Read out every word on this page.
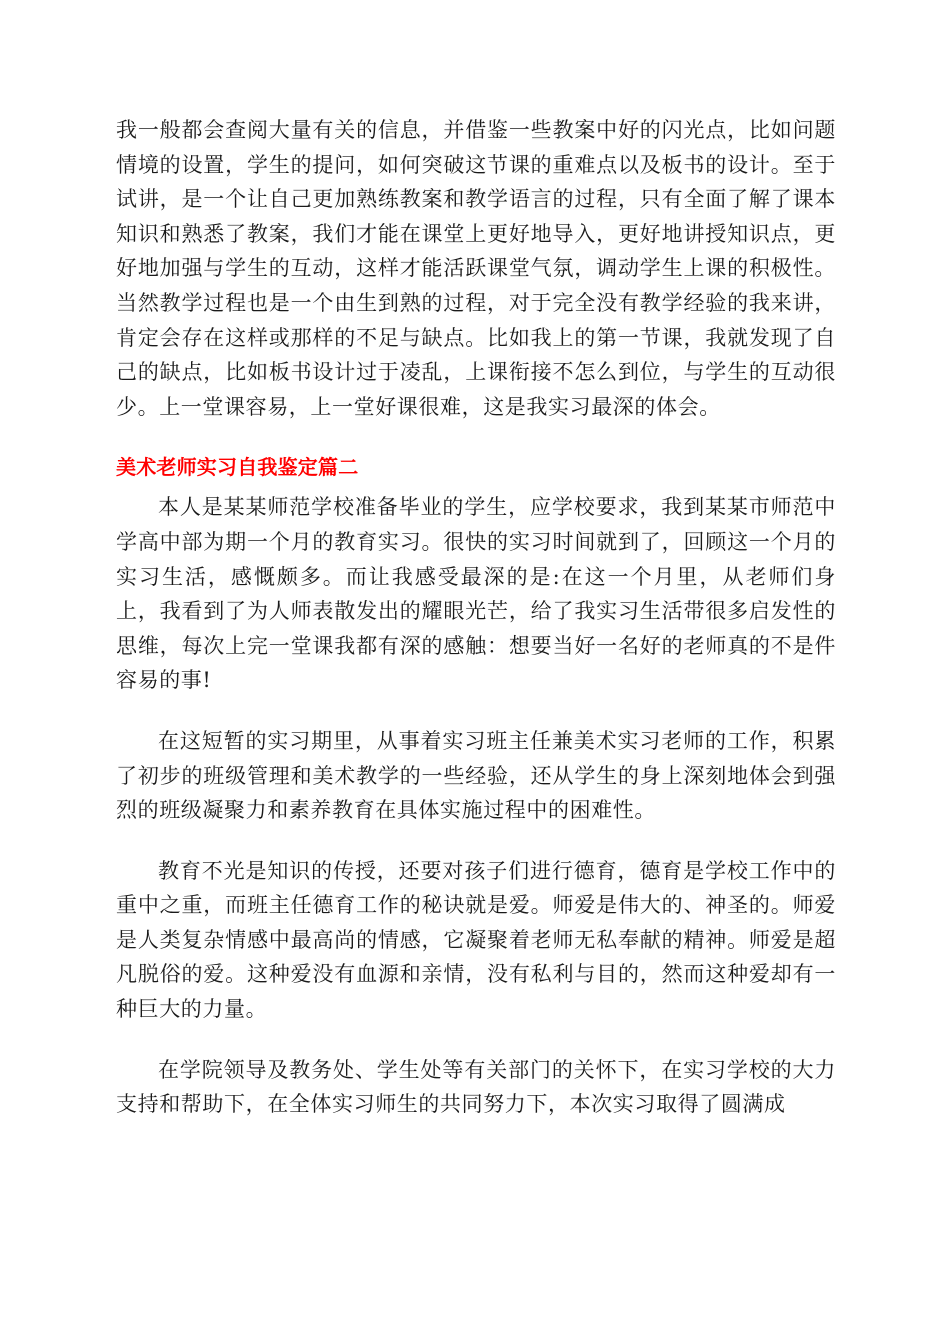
我一般都会查阅大量有关的信息，并借鉴一些教案中好的闪光点，比如问题情境的设置，学生的提问，如何突破这节课的重难点以及板书的设计。至于试讲，是一个让自己更加熟练教案和教学语言的过程，只有全面了解了课本知识和熟悉了教案，我们才能在课堂上更好地导入，更好地讲授知识点，更好地加强与学生的互动，这样才能活跃课堂气氛，调动学生上课的积极性。当然教学过程也是一个由生到熟的过程，对于完全没有教学经验的我来讲，肯定会存在这样或那样的不足与缺点。比如我上的第一节课，我就发现了自己的缺点，比如板书设计过于凌乱，上课衔接不怎么到位，与学生的互动很少。上一堂课容易，上一堂好课很难，这是我实习最深的体会。

美术老师实习自我鉴定篇二

本人是某某师范学校准备毕业的学生，应学校要求，我到某某市师范中学高中部为期一个月的教育实习。很快的实习时间就到了，回顾这一个月的实习生活，感慨颇多。而让我感受最深的是:在这一个月里，从老师们身上，我看到了为人师表散发出的耀眼光芒，给了我实习生活带很多启发性的思维，每次上完一堂课我都有深的感触：想要当好一名好的老师真的不是件容易的事!

在这短暂的实习期里，从事着实习班主任兼美术实习老师的工作，积累了初步的班级管理和美术教学的一些经验，还从学生的身上深刻地体会到强烈的班级凝聚力和素养教育在具体实施过程中的困难性。

教育不光是知识的传授，还要对孩子们进行德育，德育是学校工作中的重中之重，而班主任德育工作的秘诀就是爱。师爱是伟大的、神圣的。师爱是人类复杂情感中最高尚的情感，它凝聚着老师无私奉献的精神。师爱是超凡脱俗的爱。这种爱没有血源和亲情，没有私利与目的，然而这种爱却有一种巨大的力量。

在学院领导及教务处、学生处等有关部门的关怀下，在实习学校的大力支持和帮助下，在全体实习师生的共同努力下，本次实习取得了圆满成
